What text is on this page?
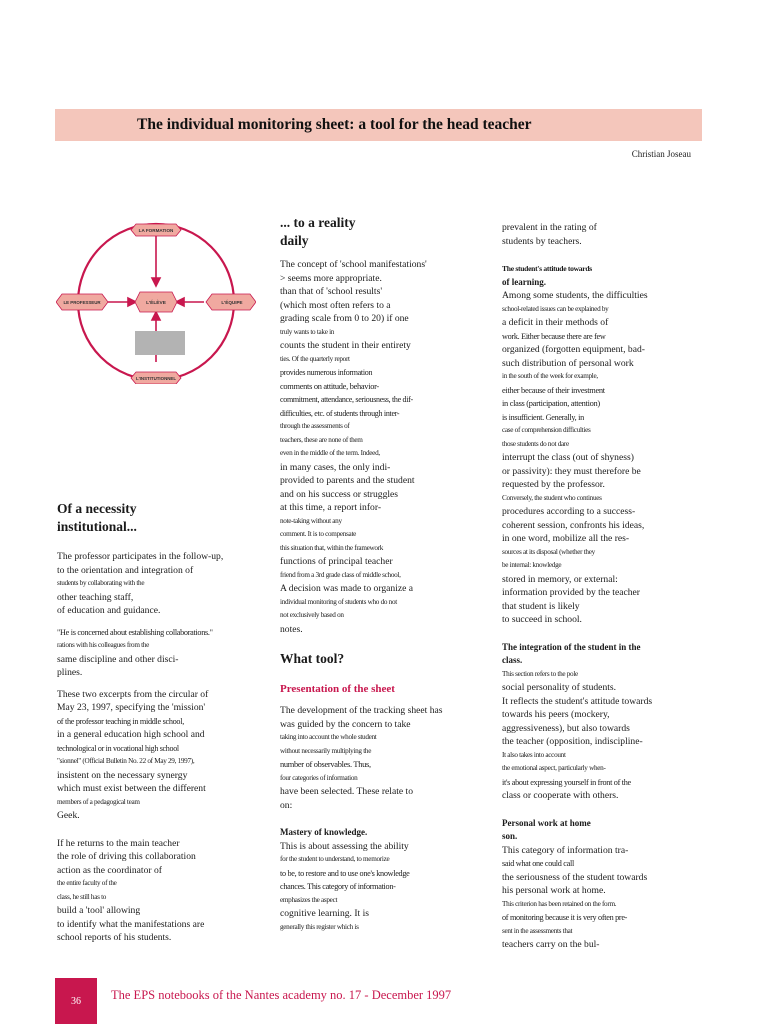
The individual monitoring sheet: a tool for the head teacher
Christian Joseau
LA FORMATION
L'ÉLÈVE
LE PROFESSEUR	L'ÉQUIPE
L'INSTITUTIONNEL
Of a necessity
institutional...
The professor participates in the follow-up,
to the orientation and integration of
students by collaborating with the
other teaching staff,
of education and guidance.
"He is concerned about establishing collaborations."
rations with his colleagues from the
same discipline and other disci-
plines.
These two excerpts from the circular of
May 23, 1997, specifying the 'mission'
of the professor teaching in middle school,
in a general education high school and
technological or in vocational high school
"sionnel" (Official Bulletin No. 22 of May 29, 1997),
insistent on the necessary synergy
which must exist between the different
members of a pedagogical team
Geek.
If he returns to the main teacher
the role of driving this collaboration
action as the coordinator of
the entire faculty of the
class, he still has to
build a 'tool' allowing
to identify what the manifestations are
school reports of his students.
... to a reality
daily
The concept of 'school manifestations'
> seems more appropriate.
than that of 'school results'
(which most often refers to a
grading scale from 0 to 20) if one
truly wants to take in
counts the student in their entirety
ties. Of the quarterly report
provides numerous information
comments on attitude, behavior-
commitment, attendance, seriousness, the dif-
difficulties, etc. of students through inter-
through the assessments of
teachers, these are none of them
even in the middle of the term. Indeed,
in many cases, the only indi-
provided to parents and the student
and on his success or struggles
at this time, a report infor-
note-taking without any
comment. It is to compensate
this situation that, within the framework
functions of principal teacher
friend from a 3rd grade class of middle school,
A decision was made to organize a
individual monitoring of students who do not
not exclusively based on
notes.
What tool?
Presentation of the sheet
The development of the tracking sheet has
was guided by the concern to take
taking into account the whole student
without necessarily multiplying the
number of observables. Thus,
four categories of information
have been selected. These relate to
on:
Mastery of knowledge.
This is about assessing the ability
for the student to understand, to memorize
to be, to restore and to use one's knowledge
chances. This category of information-
emphasizes the aspect
cognitive learning. It is
generally this register which is
prevalent in the rating of
students by teachers.
The student's attitude towards
of learning.
Among some students, the difficulties
school-related issues can be explained by
a deficit in their methods of
work. Either because there are few
organized (forgotten equipment, bad-
such distribution of personal work
in the south of the week for example,
either because of their investment
in class (participation, attention)
is insufficient. Generally, in
case of comprehension difficulties
those students do not dare
interrupt the class (out of shyness)
or passivity): they must therefore be
requested by the professor.
Conversely, the student who continues
procedures according to a success-
coherent session, confronts his ideas,
in one word, mobilize all the res-
sources at its disposal (whether they
be internal: knowledge
stored in memory, or external:
information provided by the teacher
that student is likely
to succeed in school.
The integration of the student in the
class.
This section refers to the pole
social personality of students.
It reflects the student's attitude towards
towards his peers (mockery,
aggressiveness), but also towards
the teacher (opposition, indiscipline-
It also takes into account
the emotional aspect, particularly when-
it's about expressing yourself in front of the
class or cooperate with others.
Personal work at home
son.
This category of information tra-
said what one could call
the seriousness of the student towards
his personal work at home.
This criterion has been retained on the form.
of monitoring because it is very often pre-
sent in the assessments that
teachers carry on the bul-
36	The EPS notebooks of the Nantes academy no. 17 - December 1997
